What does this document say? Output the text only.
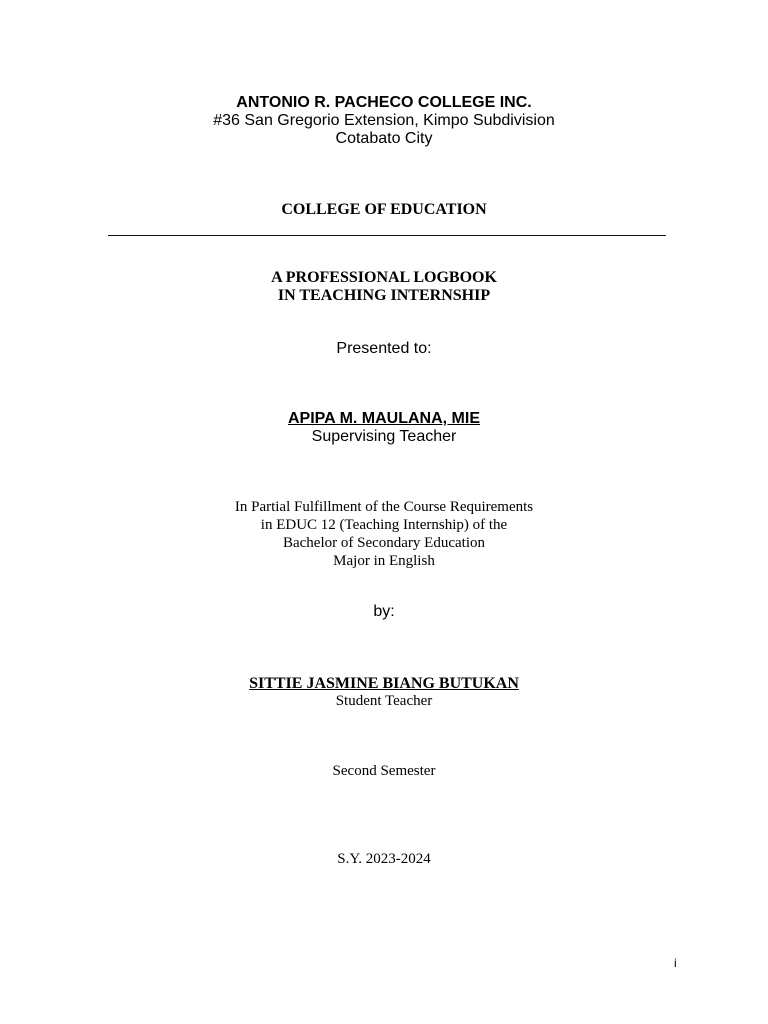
ANTONIO R. PACHECO COLLEGE INC.
#36 San Gregorio Extension, Kimpo Subdivision
Cotabato City
COLLEGE OF EDUCATION
A PROFESSIONAL LOGBOOK
IN TEACHING INTERNSHIP
Presented to:
APIPA M. MAULANA, MIE
Supervising Teacher
In Partial Fulfillment of the Course Requirements
in EDUC 12 (Teaching Internship) of the
Bachelor of Secondary Education
Major in English
by:
SITTIE JASMINE BIANG BUTUKAN
Student Teacher
Second Semester
S.Y. 2023-2024
i
